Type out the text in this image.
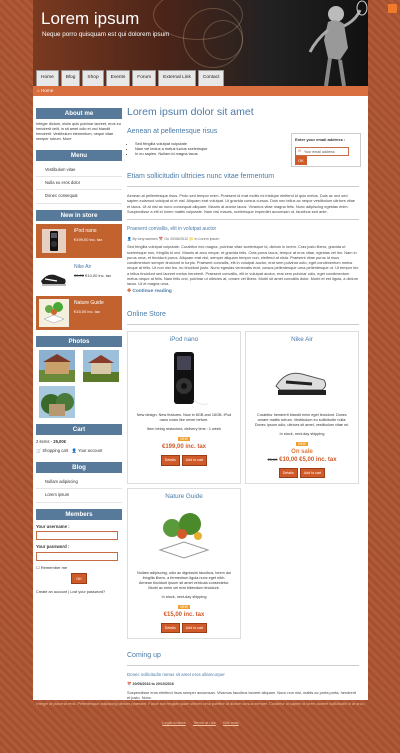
Lorem ipsum
Neque porro quisquam est qui dolorem ipsum
Home	Blog	Shop	Events	Forum	External Link	Contact
⌂ Home
About me
Integer dictum, nisim quis pulvinar laoreet, eros eu hendrerit velit, in sit amet odio et orci blandit hendrerit. Vestibulum elementum, neque vitae semper rutrum. More
Menu
Vestibulum vitae
Nulla eu eros dolor
Donec consequat
New in store
iPod nano
€199,00 inc. tax
Nike Air
€0,00 €10,00 inc. tax
Nature Guide
€15,00 inc. tax
Photos
Cart
2 items - 25,00€
🛒 Shopping cart 👤 Your account
Blog
Nullam adipiscing
Lorem ipsum
Members
Your username :
Your password :
☐ Remember me
OK
Create an account | Lost your password?
Lorem ipsum dolor sit amet
Aenean at pellentesque risus
• Sed fringilla volutpat vulputate
• Nam vel lectus a metus luctus scelerisque
• In eu sapien. Nullam id magna lacus
Enter your email address :
✉ Your email addressOK
Etiam sollicitudin ultricies nunc vitae fermentum
Aenean at pellentesque risus. Proin sed tempor enim. Praesent id erat mollis mi tristique eleifend id quis metus. Duis ac orci sed sapien euismod volutpat ut et nisl. Aliquam erat volutpat. Ut gravida cursus cursus. Duis nec tellus ac neque vestibulum ultrices vitae et lacus. Ut at nisl ac nunc consequat aliquam. Mauris at auctor lacus. Vivamus vitae magna felis. Nunc adipiscing egestas enim. Suspendisse a elit id lorem mattis vulputate. Nam nisi mauris, scelerisque imperdiet accumsan ut, faucibus sed ante.
Praesent convallis, elit in volutpat auctor
👤 By tony.samsen 📅 On 20/06/2012 📁 In Lorem ipsum
Sed fringilla volutpat vulputate. Curabitur nec magna, pulvinar vitae scelerisque id, dictum in lorem. Cras justo libero, gravida ut scelerisque non, fringilla id orci. Mauris at arcu neque, et gravida felis. Cras purus lacus, tempor at eros vitae, egestas vel leo. Nam in purus urna, et tincidunt purus. Aliquam erat nisl, semper aliquam tempor non, eleifend at nisla. Praesent vitae purus id risus condimentum semper tincidunt in turpis. Praesent convallis, elit in volutpat auctor, erat sem pulvinar odio, eget condimentum metus neque at felis. Ut non nisi leo, eu tincidunt justo. Nunc egestas venenatis erat, cursus pellentesque urna pellentesque ut. Ut tempor leo a tellus tincidunt sed laoreet metus hendrerit. Praesent convallis, elit in volutpat auctor, erat sem pulvinar odio, eget condimentum metus neque at felis. Nam felis orci, pulvinar ut ultricies at, ornare vel libero. Morbi sit amet convallis dolor. Morbi et est ligula, a dictum lacus. Ut et magna urna.
✚ Continue reading
Online Store
iPod nano
New design. New features. Now in 8GB and 16GB. iPod nano rocks like never before.
Item being restocked, delivery time : 1 week
NEW
€199,00 inc. tax
Details	Add to cart
Nike Air
Curabitur hendrerit blandit enim eget tincidunt. Donec ornare mattis rutrum. Vestibulum eu sollicitudin nulla. Donec ipsum odio, ultrices sit amet, vestibulum vitae mi.
In stock, next-day shipping
NEW
On sale
€0,00 €10,00 €5,00 inc. tax
Details	Add to cart
Nature Guide
Nullam adipiscing, odio ac dignissim faucibus, lorem dui fringilla libero, a fermentum ligula nunc eget nibh. Aenean tincidunt ipsum sit amet vehicula consectetur. Morbi ac enim vel erat bibendum tincidunt.
In stock, next-day shipping
NEW
€15,00 inc. tax
Details	Add to cart
Coming up
Donec sollicitudin metus sit amet eros ullamcorper
📅 20/09/2016 to 20/10/2016
Suspendisse eros eleifend risus semper accumsan. Vivamus faucibus laoreet aliquam. Nunc non nisi, mattis ac porta porta, hendrerit et justo. Nunc.
Integer at placerat eros. Pellentesque adipiscing ultrices praesent. Fusce non feugiat quam ultrices urna porttitor at dictum cursus semper. Curabitur at sapien id lorem laoreet sollicitudin in at arcu.
Legal notices Terms of use Site map
